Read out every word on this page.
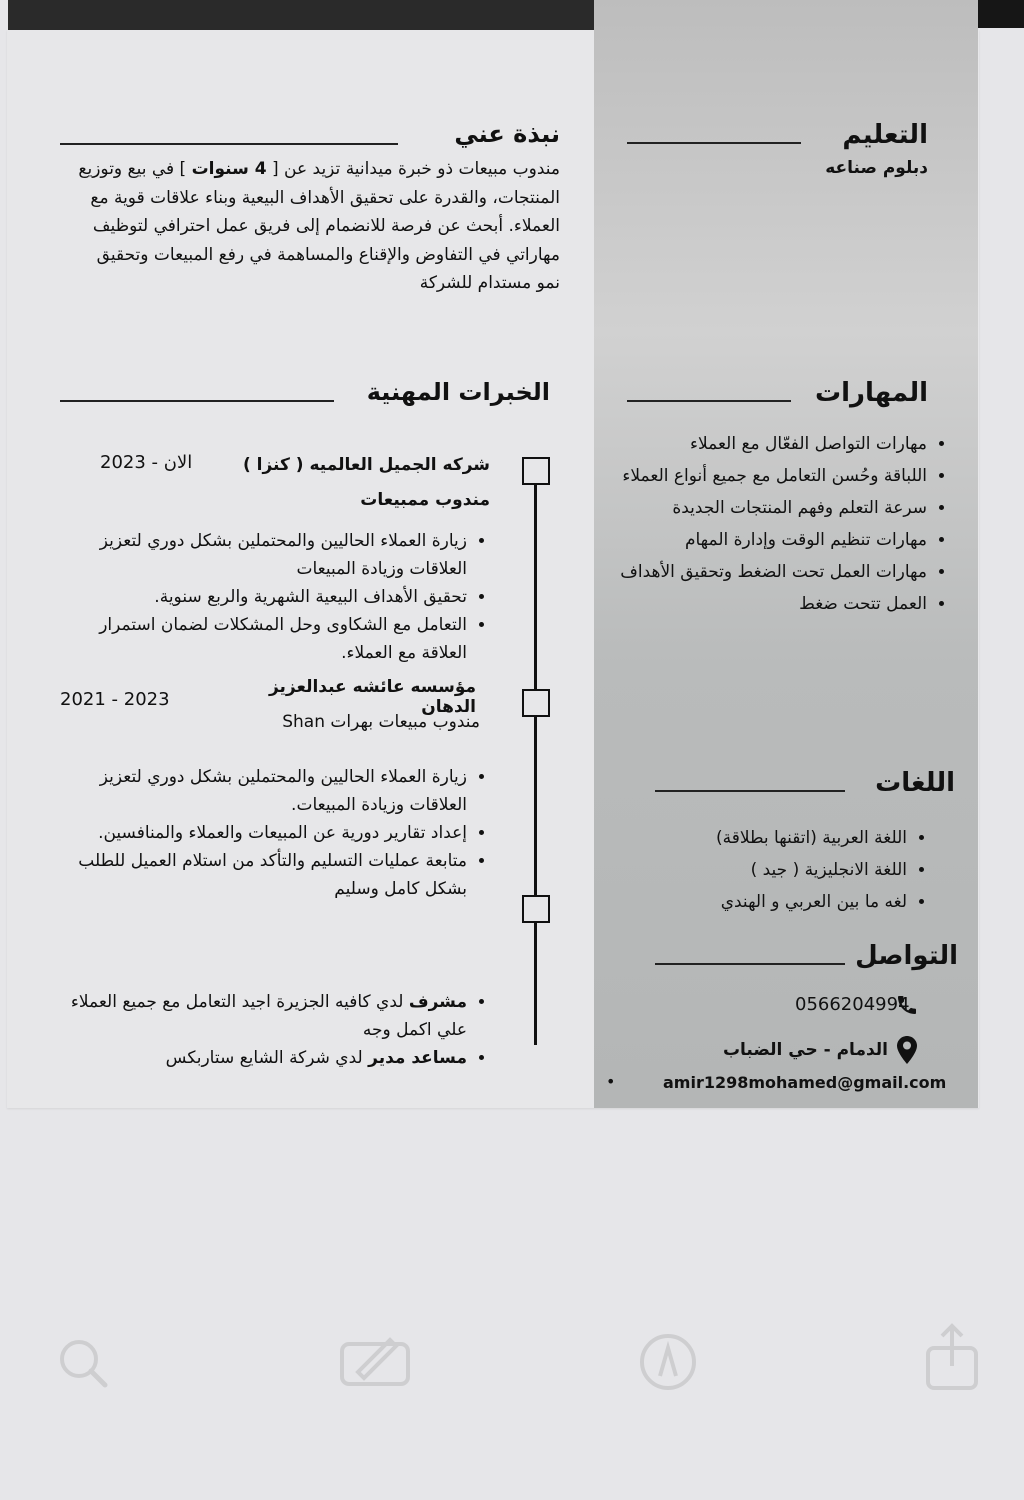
التعليم
دبلوم صناعه
نبذة عني
مندوب مبيعات ذو خبرة ميدانية تزيد عن [ 4 سنوات ] في بيع وتوزيع المنتجات، والقدرة على تحقيق الأهداف البيعية وبناء علاقات قوية مع العملاء. أبحث عن فرصة للانضمام إلى فريق عمل احترافي لتوظيف مهاراتي في التفاوض والإقناع والمساهمة في رفع المبيعات وتحقيق نمو مستدام للشركة
المهارات
• مهارات التواصل الفعّال مع العملاء
• اللباقة وحُسن التعامل مع جميع أنواع العملاء
• سرعة التعلم وفهم المنتجات الجديدة
• مهارات تنظيم الوقت وإدارة المهام
• مهارات العمل تحت الضغط وتحقيق الأهداف
• العمل تتحت ضغط
الخبرات المهنية
شركه الجميل العالميه ( كنزا )
الان - 2023
مندوب ممبيعات
• زيارة العملاء الحاليين والمحتملين بشكل دوري لتعزيز العلاقات وزيادة المبيعات
• تحقيق الأهداف البيعية الشهرية والربع سنوية.
• التعامل مع الشكاوى وحل المشكلات لضمان استمرار العلاقة مع العملاء.
مؤسسه عائشه عبدالعزيز الدهان
2021 - 2023
مندوب مبيعات بهرات Shan
• زيارة العملاء الحاليين والمحتملين بشكل دوري لتعزيز العلاقات وزيادة المبيعات.
• إعداد تقارير دورية عن المبيعات والعملاء والمنافسين.
• متابعة عمليات التسليم والتأكد من استلام العميل للطلب بشكل كامل وسليم
• مشرف لدي كافيه الجزيرة اجيد التعامل مع جميع العملاء علي اكمل وجه
• مساعد مدير لدي شركة الشايع ستاربكس
اللغات
• اللغة العربية (اتقنها بطلاقة)
• اللغة الانجليزية ( جيد )
• لغه ما بين العربي و الهندي
التواصل
0566204994
الدمام - حي الضباب
•	amir1298mohamed@gmail.com
